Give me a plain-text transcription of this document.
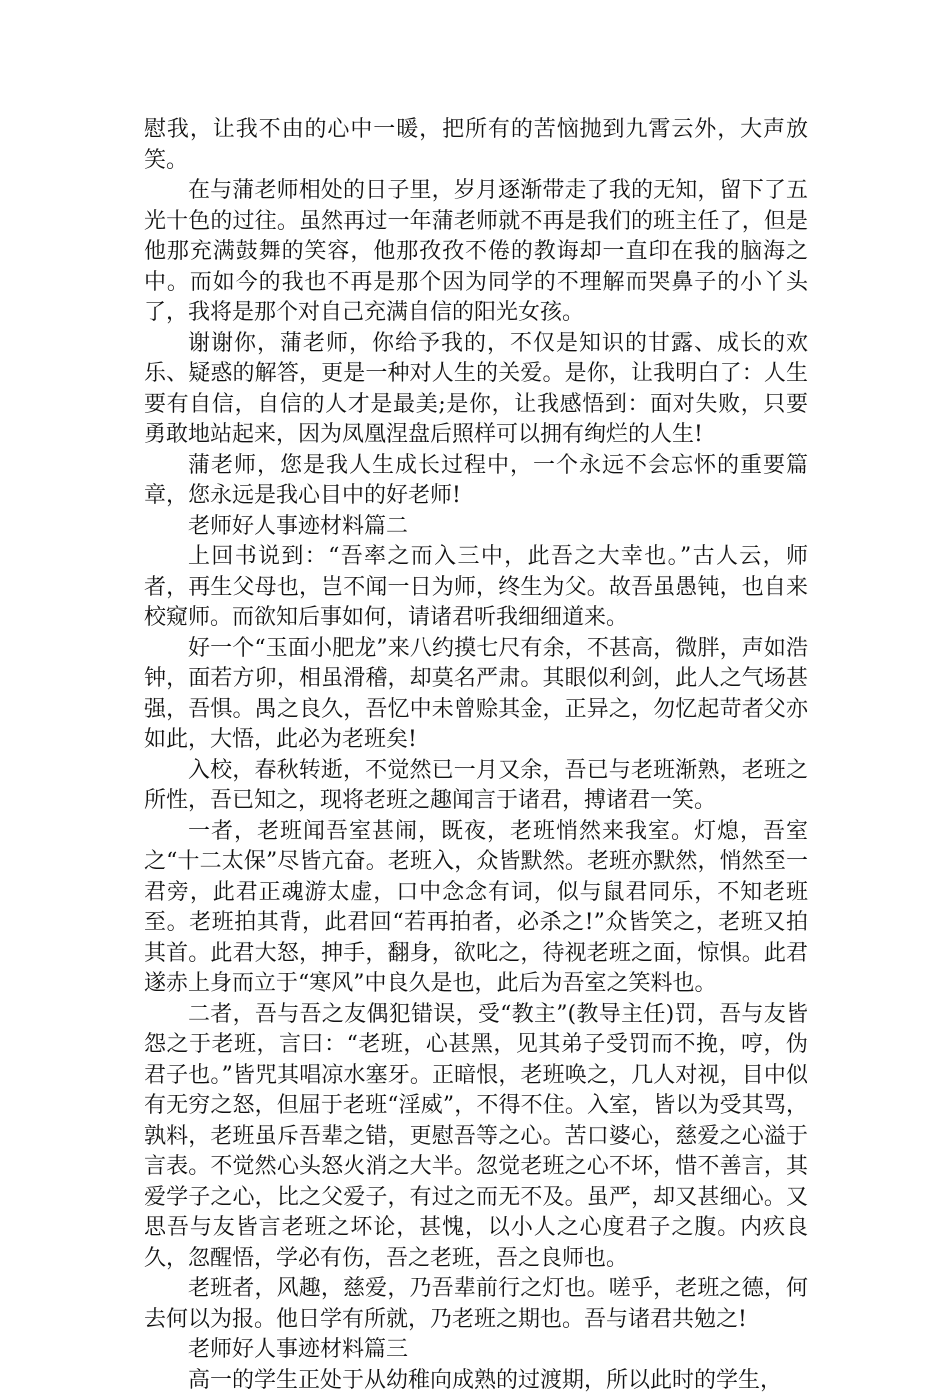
慰我，让我不由的心中一暖，把所有的苦恼抛到九霄云外，大声放笑。

在与蒲老师相处的日子里，岁月逐渐带走了我的无知，留下了五光十色的过往。虽然再过一年蒲老师就不再是我们的班主任了，但是他那充满鼓舞的笑容，他那孜孜不倦的教诲却一直印在我的脑海之中。而如今的我也不再是那个因为同学的不理解而哭鼻子的小丫头了，我将是那个对自己充满自信的阳光女孩。

谢谢你，蒲老师，你给予我的，不仅是知识的甘露、成长的欢乐、疑惑的解答，更是一种对人生的关爱。是你，让我明白了：人生要有自信，自信的人才是最美;是你，让我感悟到：面对失败，只要勇敢地站起来，因为凤凰涅盘后照样可以拥有绚烂的人生!

蒲老师，您是我人生成长过程中，一个永远不会忘怀的重要篇章，您永远是我心目中的好老师!

老师好人事迹材料篇二

上回书说到：“吾率之而入三中，此吾之大幸也。”古人云，师者，再生父母也，岂不闻一日为师，终生为父。故吾虽愚钝，也自来校窥师。而欲知后事如何，请诸君听我细细道来。

好一个“玉面小肥龙”来八约摸七尺有余，不甚高，微胖，声如浩钟，面若方卯，相虽滑稽，却莫名严肃。其眼似利剑，此人之气场甚强，吾惧。禺之良久，吾忆中未曾赊其金，正异之，勿忆起苛者父亦如此，大悟，此必为老班矣!

入校，春秋转逝，不觉然已一月又余，吾已与老班渐熟，老班之所性，吾已知之，现将老班之趣闻言于诸君，搏诸君一笑。

一者，老班闻吾室甚闹，既夜，老班悄然来我室。灯熄，吾室之“十二太保”尽皆亢奋。老班入，众皆默然。老班亦默然，悄然至一君旁，此君正魂游太虚，口中念念有词，似与鼠君同乐，不知老班至。老班拍其背，此君回“若再拍者，必杀之!”众皆笑之，老班又拍其首。此君大怒，抻手，翻身，欲叱之，待视老班之面，惊惧。此君遂赤上身而立于“寒风”中良久是也，此后为吾室之笑料也。

二者，吾与吾之友偶犯错误，受“教主”(教导主任)罚，吾与友皆怨之于老班，言曰：“老班，心甚黑，见其弟子受罚而不挽，哼，伪君子也。”皆咒其唱凉水塞牙。正暗恨，老班唤之，几人对视，目中似有无穷之怒，但屈于老班“淫威”，不得不住。入室，皆以为受其骂，孰料，老班虽斥吾辈之错，更慰吾等之心。苦口婆心，慈爱之心溢于言表。不觉然心头怒火消之大半。忽觉老班之心不坏，惜不善言，其爱学子之心，比之父爱子，有过之而无不及。虽严，却又甚细心。又思吾与友皆言老班之坏论，甚愧，以小人之心度君子之腹。内疚良久，忽醒悟，学必有伤，吾之老班，吾之良师也。

老班者，风趣，慈爱，乃吾辈前行之灯也。嗟乎，老班之德，何去何以为报。他日学有所就，乃老班之期也。吾与诸君共勉之!

老师好人事迹材料篇三

高一的学生正处于从幼稚向成熟的过渡期，所以此时的学生，
